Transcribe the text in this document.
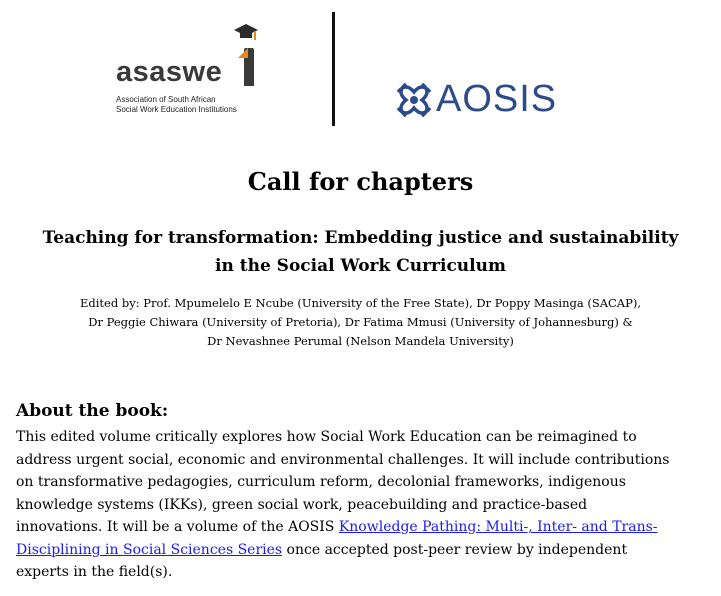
asaswe
Association of South African
Social Work Education Institutions	AOSIS
Call for chapters
Teaching for transformation: Embedding justice and sustainability
in the Social Work Curriculum
Edited by: Prof. Mpumelelo E Ncube (University of the Free State), Dr Poppy Masinga (SACAP),
Dr Peggie Chiwara (University of Pretoria), Dr Fatima Mmusi (University of Johannesburg) &
Dr Nevashnee Perumal (Nelson Mandela University)
About the book:
This edited volume critically explores how Social Work Education can be reimagined to
address urgent social, economic and environmental challenges. It will include contributions
on transformative pedagogies, curriculum reform, decolonial frameworks, indigenous
knowledge systems (IKKs), green social work, peacebuilding and practice-based
innovations. It will be a volume of the AOSIS Knowledge Pathing: Multi-, Inter- and Trans-
Disciplining in Social Sciences Series once accepted post-peer review by independent
experts in the field(s).
